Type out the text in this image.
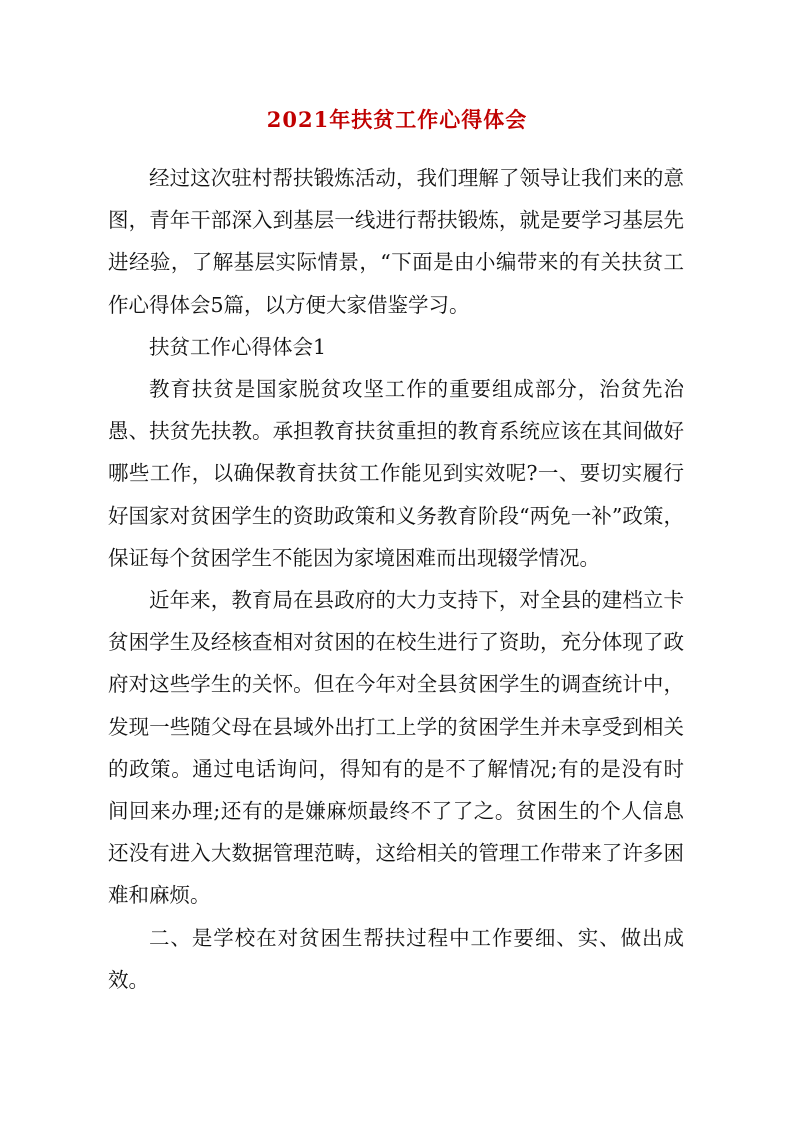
2021年扶贫工作心得体会

经过这次驻村帮扶锻炼活动，我们理解了领导让我们来的意图，青年干部深入到基层一线进行帮扶锻炼，就是要学习基层先进经验，了解基层实际情景，“下面是由小编带来的有关扶贫工作心得体会5篇，以方便大家借鉴学习。

扶贫工作心得体会1

教育扶贫是国家脱贫攻坚工作的重要组成部分，治贫先治愚、扶贫先扶教。承担教育扶贫重担的教育系统应该在其间做好哪些工作，以确保教育扶贫工作能见到实效呢?一、要切实履行好国家对贫困学生的资助政策和义务教育阶段“两免一补”政策，保证每个贫困学生不能因为家境困难而出现辍学情况。

近年来，教育局在县政府的大力支持下，对全县的建档立卡贫困学生及经核查相对贫困的在校生进行了资助，充分体现了政府对这些学生的关怀。但在今年对全县贫困学生的调查统计中，发现一些随父母在县域外出打工上学的贫困学生并未享受到相关的政策。通过电话询问，得知有的是不了解情况;有的是没有时间回来办理;还有的是嫌麻烦最终不了了之。贫困生的个人信息还没有进入大数据管理范畴，这给相关的管理工作带来了许多困难和麻烦。

二、是学校在对贫困生帮扶过程中工作要细、实、做出成效。
